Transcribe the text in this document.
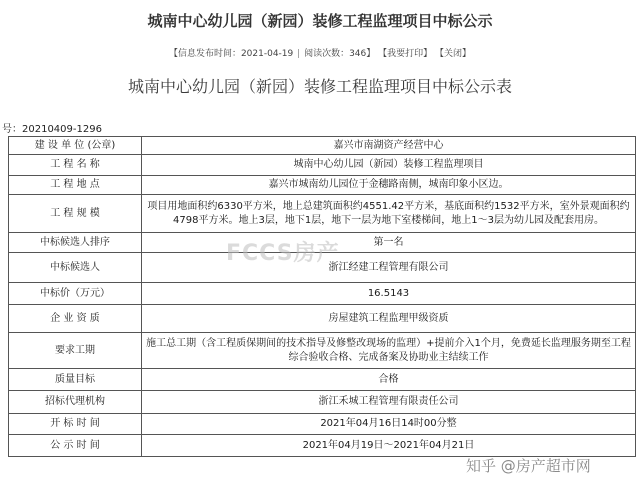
城南中心幼儿园（新园）装修工程监理项目中标公示
【信息发布时间：2021-04-19 | 阅读次数：346】 【我要打印】 【关闭】
城南中心幼儿园（新园）装修工程监理项目中标公示表
号：20210409-1296
建 设 单 位 (公章)	嘉兴市南湖资产经营中心
工 程 名 称	城南中心幼儿园（新园）装修工程监理项目
工 程 地 点	嘉兴市城南幼儿园位于金穗路南侧，城南印象小区边。
工 程 规 模	项目用地面积约6330平方米，地上总建筑面积约4551.42平方米，基底面积约1532平方米，室外景观面积约4798平方米。地上3层，地下1层，地下一层为地下室楼梯间，地上1～3层为幼儿园及配套用房。
中标候选人排序	第一名
中标候选人	浙江经建工程管理有限公司
中标价（万元）	16.5143
企 业 资 质	房屋建筑工程监理甲级资质
要求工期	施工总工期（含工程质保期间的技术指导及修整改现场的监理）+提前介入1个月，免费延长监理服务期至工程综合验收合格、完成备案及协助业主结续工作
质量目标	合格
招标代理机构	浙江禾城工程管理有限责任公司
开 标 时 间	2021年04月16日14时00分整
公 示 时 间	2021年04月19日～2021年04月21日
FCCS房产
知乎 @房产超市网
